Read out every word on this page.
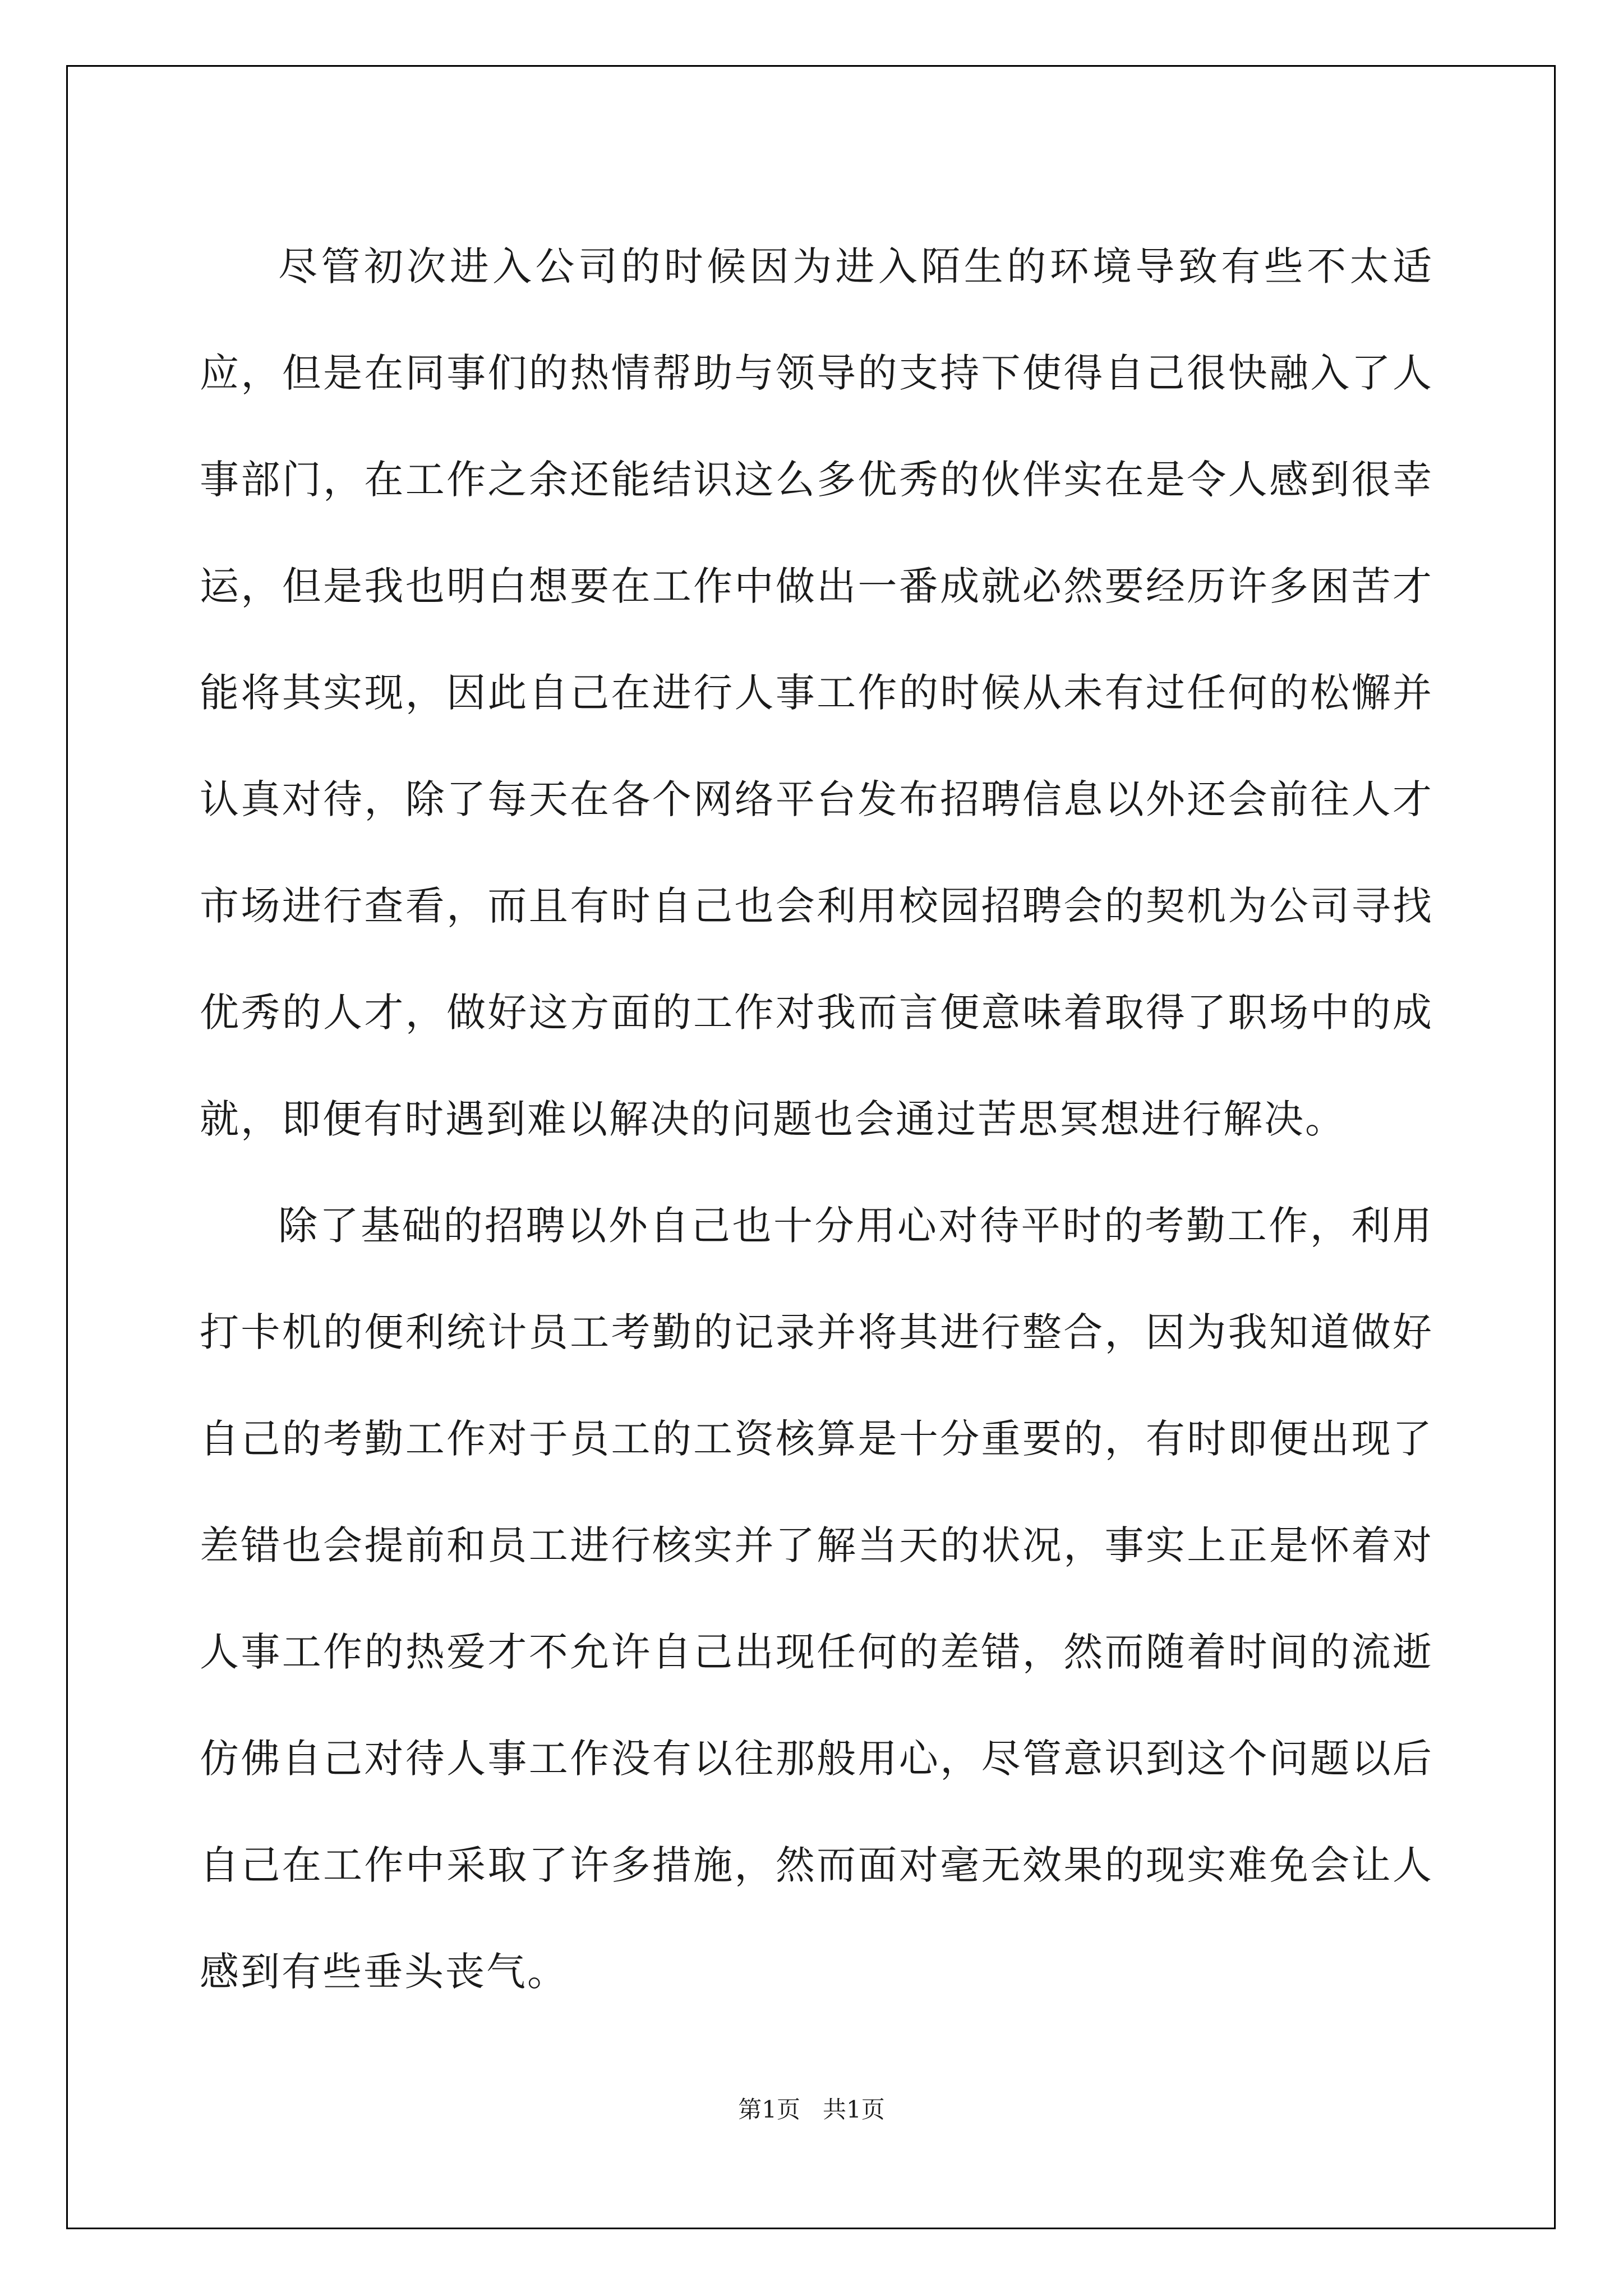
尽管初次进入公司的时候因为进入陌生的环境导致有些不太适应，但是在同事们的热情帮助与领导的支持下使得自己很快融入了人事部门，在工作之余还能结识这么多优秀的伙伴实在是令人感到很幸运，但是我也明白想要在工作中做出一番成就必然要经历许多困苦才能将其实现，因此自己在进行人事工作的时候从未有过任何的松懈并认真对待，除了每天在各个网络平台发布招聘信息以外还会前往人才市场进行查看，而且有时自己也会利用校园招聘会的契机为公司寻找优秀的人才，做好这方面的工作对我而言便意味着取得了职场中的成就，即便有时遇到难以解决的问题也会通过苦思冥想进行解决。

除了基础的招聘以外自己也十分用心对待平时的考勤工作，利用打卡机的便利统计员工考勤的记录并将其进行整合，因为我知道做好自己的考勤工作对于员工的工资核算是十分重要的，有时即便出现了差错也会提前和员工进行核实并了解当天的状况，事实上正是怀着对人事工作的热爱才不允许自己出现任何的差错，然而随着时间的流逝仿佛自己对待人事工作没有以往那般用心，尽管意识到这个问题以后自己在工作中采取了许多措施，然而面对毫无效果的现实难免会让人感到有些垂头丧气。

第1页 共1页
